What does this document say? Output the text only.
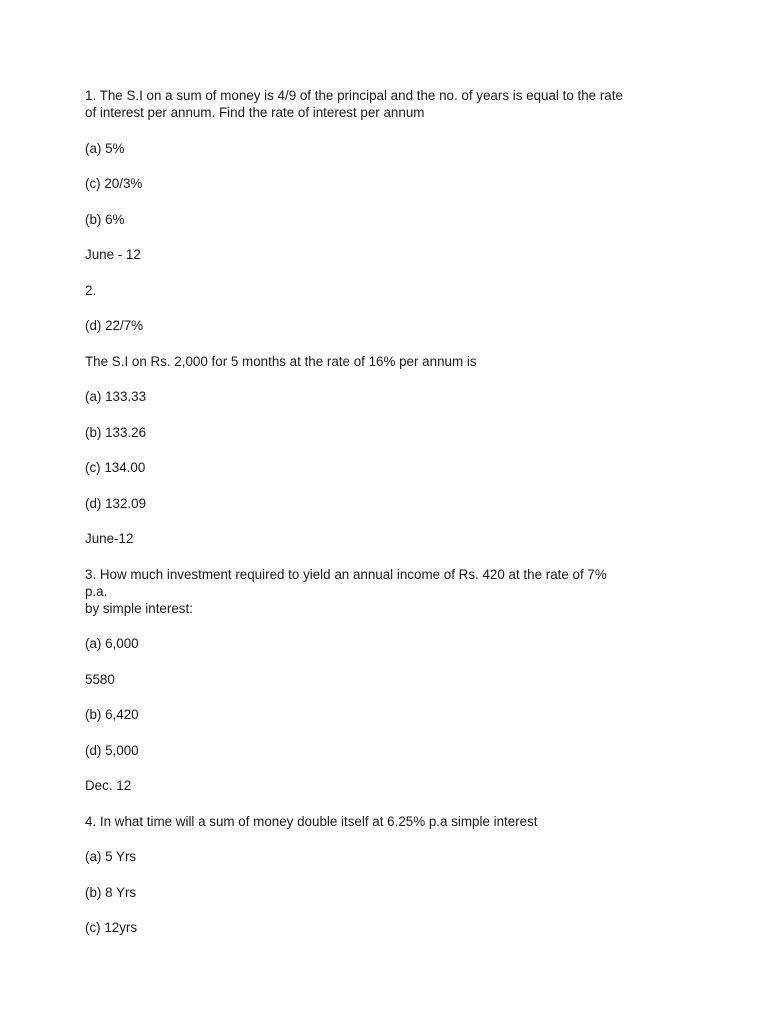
1. The S.I on a sum of money is 4/9 of the principal and the no. of years is equal to the rate
of interest per annum. Find the rate of interest per annum

(a) 5%

(c) 20/3%

(b) 6%

June - 12

2.

(d) 22/7%

The S.I on Rs. 2,000 for 5 months at the rate of 16% per annum is

(a) 133.33

(b) 133.26

(c) 134.00

(d) 132.09

June-12

3. How much investment required to yield an annual income of Rs. 420 at the rate of 7% p.a.
by simple interest:

(a) 6,000

5580

(b) 6,420

(d) 5,000

Dec. 12

4. In what time will a sum of money double itself at 6.25% p.a simple interest

(a) 5 Yrs

(b) 8 Yrs

(c) 12yrs
